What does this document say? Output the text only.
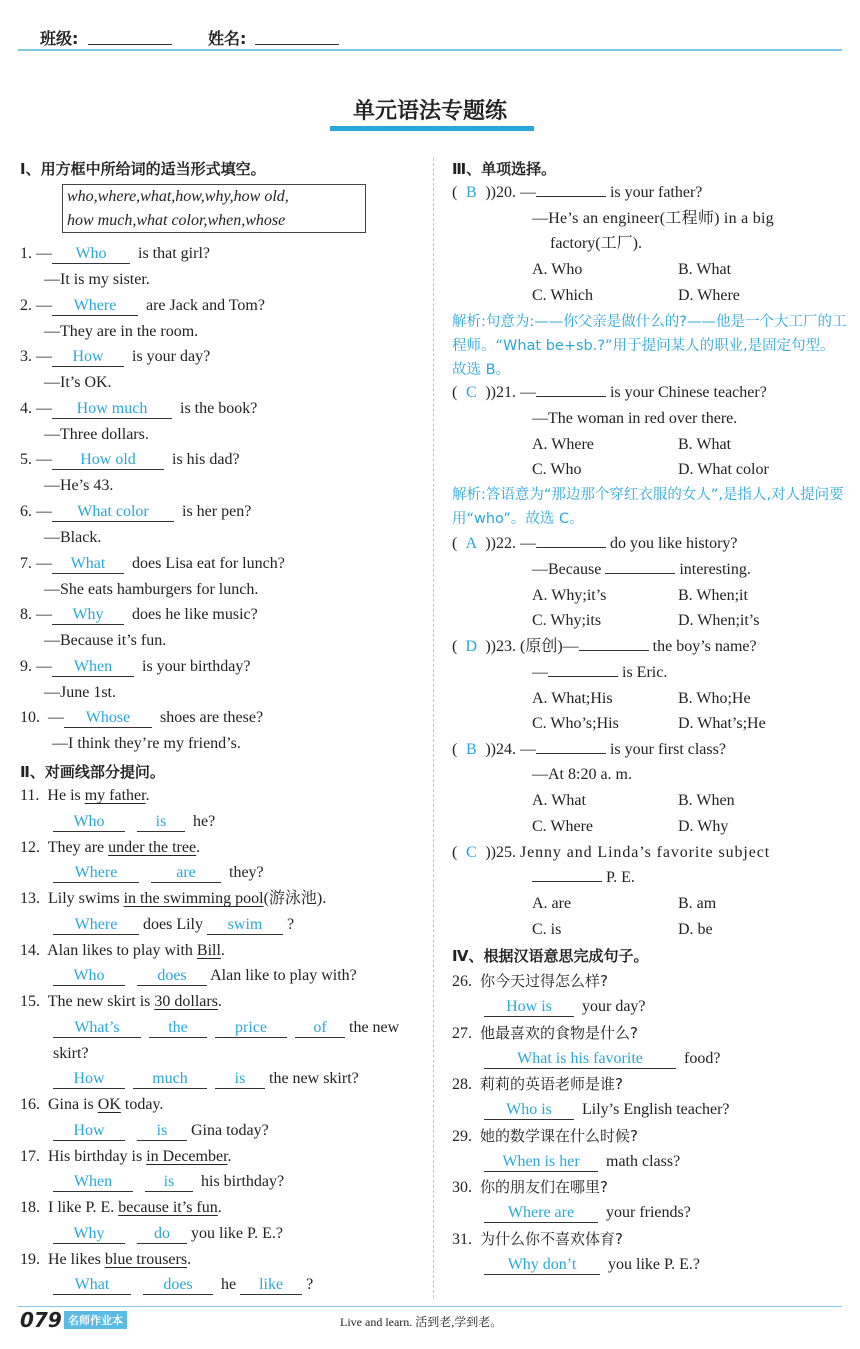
班级:	姓名:
单元语法专题练
Ⅰ、用方框中所给词的适当形式填空。
who,where,what,how,why,how old,
how much,what color,when,whose
1. — Who is that girl?
—It is my sister.
2. — Where are Jack and Tom?
—They are in the room.
3. — How is your day?
—It’s OK.
4. — How much is the book?
—Three dollars.
5. — How old is his dad?
—He’s 43.
6. — What color is her pen?
—Black.
7. — What does Lisa eat for lunch?
—She eats hamburgers for lunch.
8. — Why does he like music?
—Because it’s fun.
9. — When is your birthday?
—June 1st.
10.  — Whose shoes are these?
—I think they’re my friend’s.
Ⅱ、对画线部分提问。
11. He is my father.
Who	is he?
12. They are under the tree.
Where	are they?
13. Lily swims in the swimming pool(游泳池).
Where does Lily swim ?
14. Alan likes to play with Bill.
Who	does Alan like to play with?
15. The new skirt is 30 dollars.
What’s	the	price	of the new
skirt?
How	much	is the new skirt?
16. Gina is OK today.
How	is Gina today?
17. His birthday is in December.
When	is his birthday?
18. I like P. E. because it’s fun.
Why	do you like P. E.?
19. He likes blue trousers.
What	does he like ?
Ⅲ、单项选择。
( B ))20. —	is your father?
—He’s an engineer(工程师) in a big
factory(工厂).
A. Who	B. What
C. Which	D. Where
解析:句意为:——你父亲是做什么的?——他是一个大工厂的工程师。“What be+sb.?”用于提问某人的职业,是固定句型。故选 B。
( C ))21. —	is your Chinese teacher?
—The woman in red over there.
A. Where	B. What
C. Who	D. What color
解析:答语意为“那边那个穿红衣服的女人”,是指人,对人提问要用“who”。故选 C。
( A ))22. —	do you like history?
—Because	interesting.
A. Why;it’s	B. When;it
C. Why;its	D. When;it’s
( D ))23. (原创)—	the boy’s name?
—	is Eric.
A. What;His	B. Who;He
C. Who’s;His	D. What’s;He
( B ))24. —	is your first class?
—At 8:20 a. m.
A. What	B. When
C. Where	D. Why
( C ))25. Jenny and Linda’s favorite subject
P. E.
A. are	B. am
C. is	D. be
Ⅳ、根据汉语意思完成句子。
26. 你今天过得怎么样?
How is your day?
27. 他最喜欢的食物是什么?
What is his favorite	food?
28. 莉莉的英语老师是谁?
Who is Lily’s English teacher?
29. 她的数学课在什么时候?
When is her math class?
30. 你的朋友们在哪里?
Where are your friends?
31. 为什么你不喜欢体育?
Why don’t you like P. E.?
079 名师作业本	Live and learn. 活到老,学到老。
